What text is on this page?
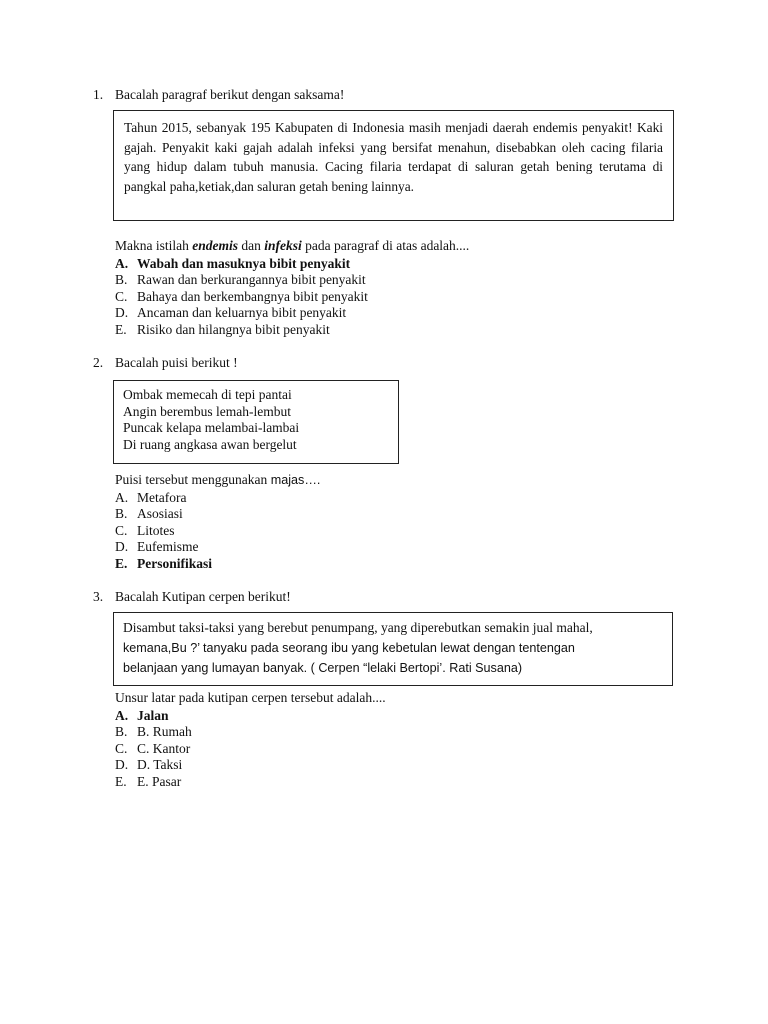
1. Bacalah paragraf berikut dengan saksama!
Tahun 2015, sebanyak 195 Kabupaten di Indonesia masih menjadi daerah endemis penyakit! Kaki gajah. Penyakit kaki gajah adalah infeksi yang bersifat menahun, disebabkan oleh cacing filaria yang hidup dalam tubuh manusia. Cacing filaria terdapat di saluran getah bening terutama di pangkal paha,ketiak,dan saluran getah bening lainnya.
Makna istilah endemis dan infeksi pada paragraf di atas adalah....
A. Wabah dan masuknya bibit penyakit
B. Rawan dan berkurangannya bibit penyakit
C. Bahaya dan berkembangnya bibit penyakit
D. Ancaman dan keluarnya bibit penyakit
E. Risiko dan hilangnya bibit penyakit
2. Bacalah puisi berikut !
Ombak memecah di tepi pantai
Angin berembus lemah-lembut
Puncak kelapa melambai-lambai
Di ruang angkasa awan bergelut
Puisi tersebut menggunakan majas….
A. Metafora
B. Asosiasi
C. Litotes
D. Eufemisme
E. Personifikasi
3. Bacalah Kutipan cerpen berikut!
Disambut taksi-taksi yang berebut penumpang, yang diperebutkan semakin jual mahal,
kemana,Bu ?’ tanyaku pada seorang ibu yang kebetulan lewat dengan tentengan
belanjaan yang lumayan banyak. ( Cerpen “lelaki Bertopi’. Rati Susana)
Unsur latar pada kutipan cerpen tersebut adalah....
A. Jalan
B. B. Rumah
C. C. Kantor
D. D. Taksi
E. E. Pasar
